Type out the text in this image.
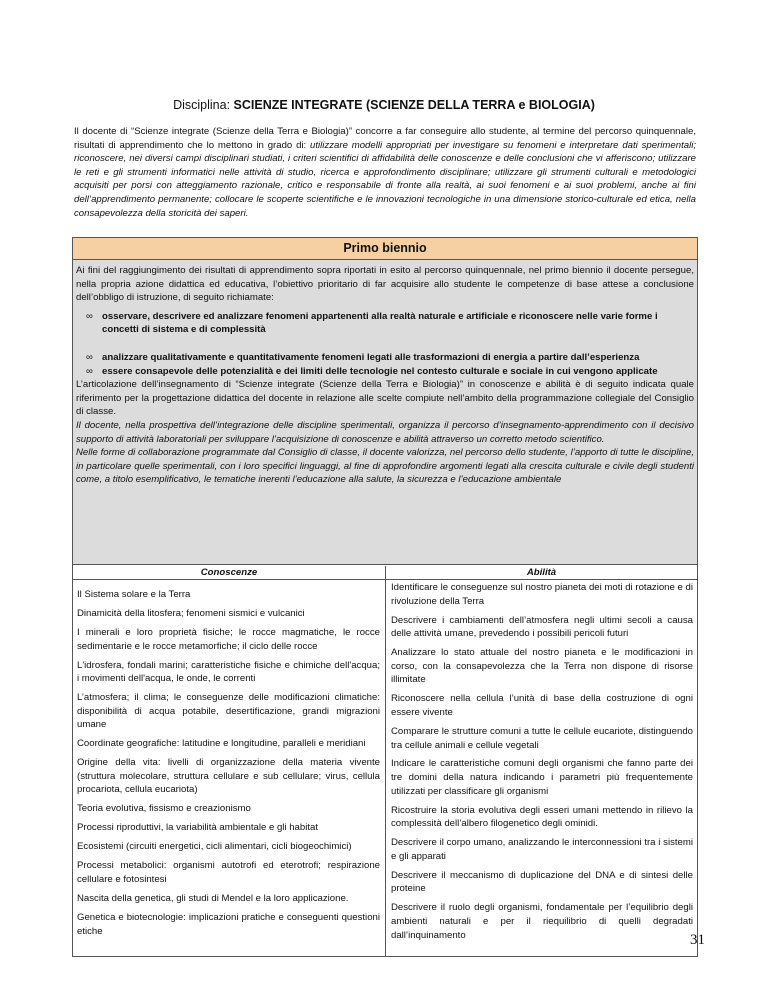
Disciplina: SCIENZE INTEGRATE (SCIENZE DELLA TERRA e BIOLOGIA)
Il docente di “Scienze integrate (Scienze della Terra e Biologia)” concorre a far conseguire allo studente, al termine del percorso quinquennale, risultati di apprendimento che lo mettono in grado di: utilizzare modelli appropriati per investigare su fenomeni e interpretare dati sperimentali; riconoscere, nei diversi campi disciplinari studiati, i criteri scientifici di affidabilità delle conoscenze e delle conclusioni che vi afferiscono; utilizzare le reti e gli strumenti informatici nelle attività di studio, ricerca e approfondimento disciplinare; utilizzare gli strumenti culturali e metodologici acquisiti per porsi con atteggiamento razionale, critico e responsabile di fronte alla realtà, ai suoi fenomeni e ai suoi problemi, anche ai fini dell’apprendimento permanente; collocare le scoperte scientifiche e le innovazioni tecnologiche in una dimensione storico-culturale ed etica, nella consapevolezza della storicità dei saperi.
Primo biennio

Ai fini del raggiungimento dei risultati di apprendimento sopra riportati in esito al percorso quinquennale, nel primo biennio il docente persegue, nella propria azione didattica ed educativa, l’obiettivo prioritario di far acquisire allo studente le competenze di base attese a conclusione dell’obbligo di istruzione, di seguito richiamate:

∞ osservare, descrivere ed analizzare fenomeni appartenenti alla realtà naturale e artificiale e riconoscere nelle varie forme i concetti di sistema e di complessità
∞ analizzare qualitativamente e quantitativamente fenomeni legati alle trasformazioni di energia a partire dall’esperienza
∞ essere consapevole delle potenzialità e dei limiti delle tecnologie nel contesto culturale e sociale in cui vengono applicate

L’articolazione dell’insegnamento di “Scienze integrate (Scienze della Terra e Biologia)” in conoscenze e abilità è di seguito indicata quale riferimento per la progettazione didattica del docente in relazione alle scelte compiute nell’ambito della programmazione collegiale del Consiglio di classe.

Il docente, nella prospettiva dell’integrazione delle discipline sperimentali, organizza il percorso d’insegnamento-apprendimento con il decisivo supporto di attività laboratoriali per sviluppare l’acquisizione di conoscenze e abilità attraverso un corretto metodo scientifico.

Nelle forme di collaborazione programmate dal Consiglio di classe, il docente valorizza, nel percorso dello studente, l’apporto di tutte le discipline, in particolare quelle sperimentali, con i loro specifici linguaggi, al fine di approfondire argomenti legati alla crescita culturale e civile degli studenti come, a titolo esemplificativo, le tematiche inerenti l’educazione alla salute, la sicurezza e l’educazione ambientale

Conoscenze	Abilità
Il Sistema solare e la Terra
Dinamicità della litosfera; fenomeni sismici e vulcanici
I minerali e loro proprietà fisiche; le rocce magmatiche, le rocce sedimentarie e le rocce metamorfiche; il ciclo delle rocce
L'idrosfera, fondali marini; caratteristiche fisiche e chimiche dell'acqua; i movimenti dell'acqua, le onde, le correnti
L’atmosfera; il clima; le conseguenze delle modificazioni climatiche: disponibilità di acqua potabile, desertificazione, grandi migrazioni umane
Coordinate geografiche: latitudine e longitudine, paralleli e meridiani
Origine della vita: livelli di organizzazione della materia vivente (struttura molecolare, struttura cellulare e sub cellulare; virus, cellula procariota, cellula eucariota)
Teoria evolutiva, fissismo e creazionismo
Processi riproduttivi, la variabilità ambientale e gli habitat
Ecosistemi (circuiti energetici, cicli alimentari, cicli biogeochimici)
Processi metabolici: organismi autotrofi ed eterotrofi; respirazione cellulare e fotosintesi
Nascita della genetica, gli studi di Mendel e la loro applicazione.
Genetica e biotecnologie: implicazioni pratiche e conseguenti questioni etiche
Identificare le conseguenze sul nostro pianeta dei moti di rotazione e di rivoluzione della Terra
Descrivere i cambiamenti dell’atmosfera negli ultimi secoli a causa delle attività umane, prevedendo i possibili pericoli futuri
Analizzare lo stato attuale del nostro pianeta e le modificazioni in corso, con la consapevolezza che la Terra non dispone di risorse illimitate
Riconoscere nella cellula l’unità di base della costruzione di ogni essere vivente
Comparare le strutture comuni a tutte le cellule eucariote, distinguendo tra cellule animali e cellule vegetali
Indicare le caratteristiche comuni degli organismi che fanno parte dei tre domini della natura indicando i parametri più frequentemente utilizzati per classificare gli organismi
Ricostruire la storia evolutiva degli esseri umani mettendo in rilievo la complessità dell’albero filogenetico degli ominidi.
Descrivere il corpo umano, analizzando le interconnessioni tra i sistemi e gli apparati
Descrivere il meccanismo di duplicazione del DNA e di sintesi delle proteine
Descrivere il ruolo degli organismi, fondamentale per l’equilibrio degli ambienti naturali e per il riequilibrio di quelli degradati dall’inquinamento	31
